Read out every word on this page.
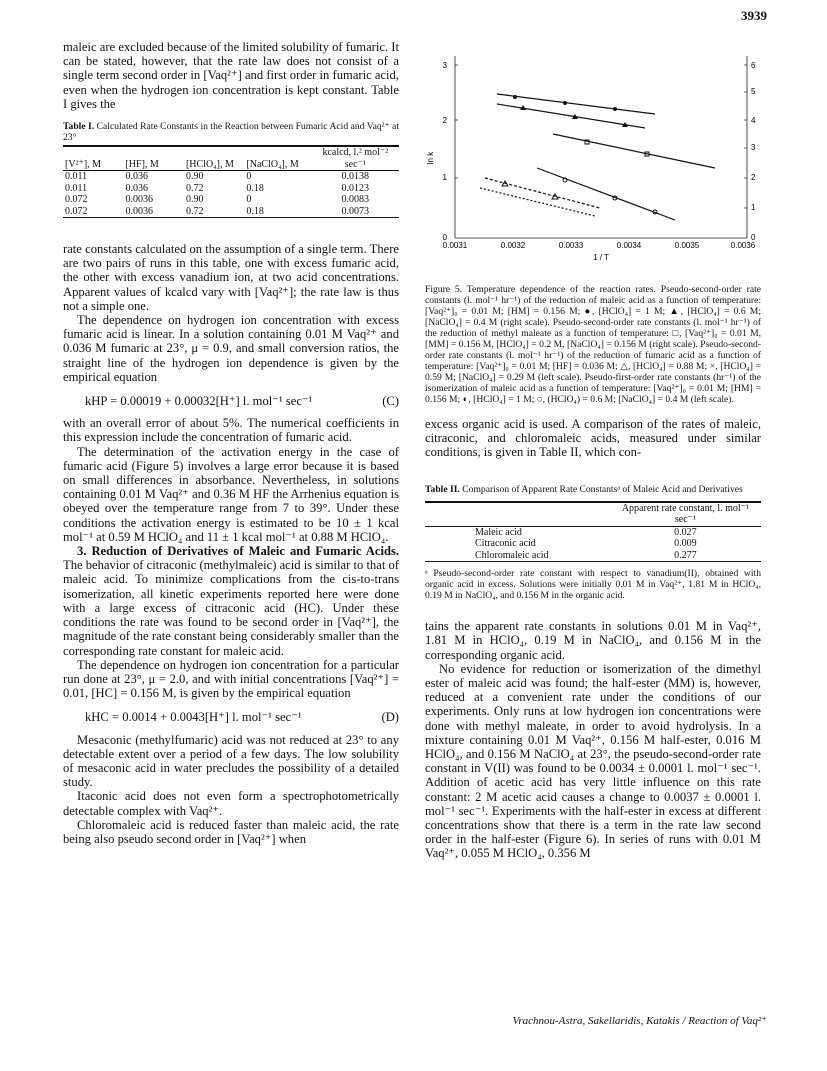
3939

maleic are excluded because of the limited solubility of fumaric. It can be stated, however, that the rate law does not consist of a single term second order in [Vaq²⁺] and first order in fumaric acid, even when the hydrogen ion concentration is kept constant. Table I gives the

Table I. Calculated Rate Constants in the Reaction between Fumaric Acid and Vaq²⁺ at 23°
[V²⁺], M	[HF], M	[HClO₄], M	[NaClO₄], M	kcalcd, l.² mol⁻² sec⁻¹
0.011	0.036	0.90	0	0.0138
0.011	0.036	0.72	0.18	0.0123
0.072	0.0036	0.90	0	0.0083
0.072	0.0036	0.72	0.18	0.0073

rate constants calculated on the assumption of a single term. There are two pairs of runs in this table, one with excess fumaric acid, the other with excess vanadium ion, at two acid concentrations. Apparent values of kcalcd vary with [Vaq²⁺]; the rate law is thus not a simple one.

The dependence on hydrogen ion concentration with excess fumaric acid is linear. In a solution containing 0.01 M Vaq²⁺ and 0.036 M fumaric at 23°, μ = 0.9, and small conversion ratios, the straight line of the hydrogen ion dependence is given by the empirical equation

kHP = 0.00019 + 0.00032[H⁺] l. mol⁻¹ sec⁻¹	(C)

with an overall error of about 5%. The numerical coefficients in this expression include the concentration of fumaric acid.

The determination of the activation energy in the case of fumaric acid (Figure 5) involves a large error because it is based on small differences in absorbance. Nevertheless, in solutions containing 0.01 M Vaq²⁺ and 0.36 M HF the Arrhenius equation is obeyed over the temperature range from 7 to 39°. Under these conditions the activation energy is estimated to be 10 ± 1 kcal mol⁻¹ at 0.59 M HClO₄ and 11 ± 1 kcal mol⁻¹ at 0.88 M HClO₄.

3. Reduction of Derivatives of Maleic and Fumaric Acids. The behavior of citraconic (methylmaleic) acid is similar to that of maleic acid. To minimize complications from the cis-to-trans isomerization, all kinetic experiments reported here were done with a large excess of citraconic acid (HC). Under these conditions the rate was found to be second order in [Vaq²⁺], the magnitude of the rate constant being considerably smaller than the corresponding rate constant for maleic acid.

The dependence on hydrogen ion concentration for a particular run done at 23°, μ = 2.0, and with initial concentrations [Vaq²⁺] = 0.01, [HC] = 0.156 M, is given by the empirical equation

kHC = 0.0014 + 0.0043[H⁺] l. mol⁻¹ sec⁻¹	(D)

Mesaconic (methylfumaric) acid was not reduced at 23° to any detectable extent over a period of a few days. The low solubility of mesaconic acid in water precludes the possibility of a detailed study.

Itaconic acid does not even form a spectrophotometrically detectable complex with Vaq²⁺.

Chloromaleic acid is reduced faster than maleic acid, the rate being also pseudo second order in [Vaq²⁺] when

0
1
2
3
0
1
2
3
4
5
6
0.0031	0.0032	0.0033	0.0034	0.0035	0.0036
1 / T
ln k

Figure 5. Temperature dependence of the reaction rates. Pseudo-second-order rate constants (l. mol⁻¹ hr⁻¹) of the reduction of maleic acid as a function of temperature: [Vaq²⁺]₀ = 0.01 M; [HM] = 0.156 M; ●, [HClO₄] = 1 M; ▲, [HClO₄] = 0.6 M; [NaClO₄] = 0.4 M (right scale). Pseudo-second-order rate constants (l. mol⁻¹ hr⁻¹) of the reduction of methyl maleate as a function of temperature: □, [Vaq²⁺]₀ = 0.01 M, [MM] = 0.156 M, [HClO₄] = 0.2 M, [NaClO₄] = 0.156 M (right scale). Pseudo-second-order rate constants (l. mol⁻¹ hr⁻¹) of the reduction of fumaric acid as a function of temperature: [Vaq²⁺]₀ = 0.01 M; [HF] = 0.036 M; △, [HClO₄] = 0.88 M; ×, [HClO₄] = 0.59 M; [NaClO₄] = 0.29 M (left scale). Pseudo-first-order rate constants (hr⁻¹) of the isomerization of maleic acid as a function of temperature: [Vaq²⁺]₀ = 0.01 M; [HM] = 0.156 M; ◐, [HClO₄] = 1 M; ○, (HClO₄) = 0.6 M; [NaClO₄] = 0.4 M (left scale).

excess organic acid is used. A comparison of the rates of maleic, citraconic, and chloromaleic acids, measured under similar conditions, is given in Table II, which con-

Table II. Comparison of Apparent Rate Constantsᵃ of Maleic Acid and Derivatives
	Apparent rate constant, l. mol⁻¹ sec⁻¹
Maleic acid	0.027
Citraconic acid	0.009
Chloromaleic acid	0.277

ᵃ Pseudo-second-order rate constant with respect to vanadium(II), obtained with organic acid in excess. Solutions were initially 0.01 M in Vaq²⁺, 1.81 M in HClO₄, 0.19 M in NaClO₄, and 0.156 M in the organic acid.

tains the apparent rate constants in solutions 0.01 M in Vaq²⁺, 1.81 M in HClO₄, 0.19 M in NaClO₄, and 0.156 M in the corresponding organic acid.

No evidence for reduction or isomerization of the dimethyl ester of maleic acid was found; the half-ester (MM) is, however, reduced at a convenient rate under the conditions of our experiments. Only runs at low hydrogen ion concentrations were done with methyl maleate, in order to avoid hydrolysis. In a mixture containing 0.01 M Vaq²⁺, 0.156 M half-ester, 0.016 M HClO₄, and 0.156 M NaClO₄ at 23°, the pseudo-second-order rate constant in V(II) was found to be 0.0034 ± 0.0001 l. mol⁻¹ sec⁻¹. Addition of acetic acid has very little influence on this rate constant: 2 M acetic acid causes a change to 0.0037 ± 0.0001 l. mol⁻¹ sec⁻¹. Experiments with the half-ester in excess at different concentrations show that there is a term in the rate law second order in the half-ester (Figure 6). In series of runs with 0.01 M Vaq²⁺, 0.055 M HClO₄, 0.356 M

Vrachnou-Astra, Sakellaridis, Katakis / Reaction of Vaq²⁺
